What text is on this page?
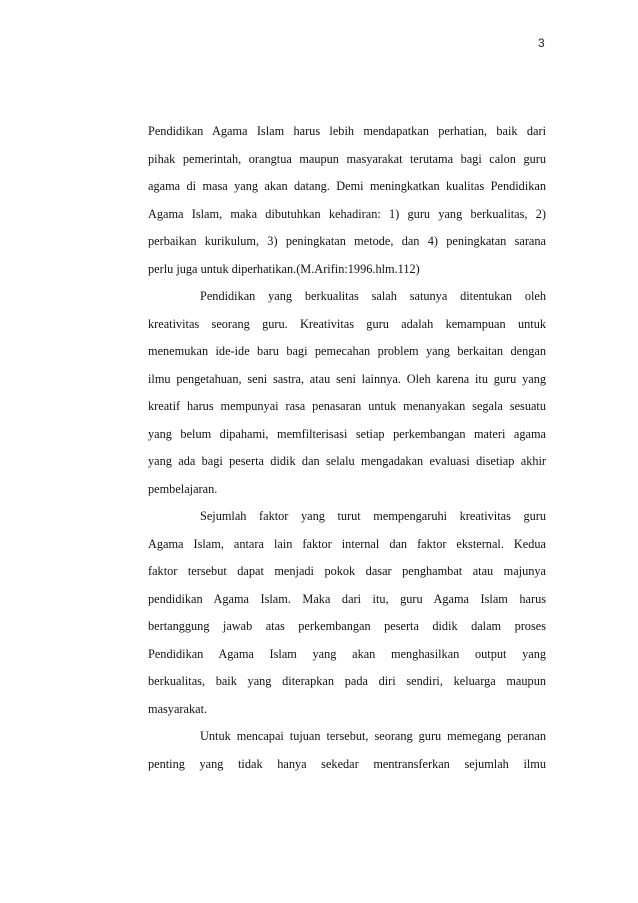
3
Pendidikan Agama Islam harus lebih mendapatkan perhatian, baik dari
pihak pemerintah, orangtua maupun masyarakat terutama bagi calon guru
agama di masa yang akan datang. Demi meningkatkan kualitas Pendidikan
Agama Islam, maka dibutuhkan kehadiran: 1) guru yang berkualitas, 2)
perbaikan kurikulum, 3) peningkatan metode, dan 4) peningkatan sarana
perlu juga untuk diperhatikan.(M.Arifin:1996.hlm.112)
Pendidikan yang berkualitas salah satunya ditentukan oleh
kreativitas seorang guru. Kreativitas guru adalah kemampuan untuk
menemukan ide-ide baru bagi pemecahan problem yang berkaitan dengan
ilmu pengetahuan, seni sastra, atau seni lainnya. Oleh karena itu guru yang
kreatif harus mempunyai rasa penasaran untuk menanyakan segala sesuatu
yang belum dipahami, memfilterisasi setiap perkembangan materi agama
yang ada bagi peserta didik dan selalu mengadakan evaluasi disetiap akhir
pembelajaran.
Sejumlah faktor yang turut mempengaruhi kreativitas guru
Agama Islam, antara lain faktor internal dan faktor eksternal. Kedua
faktor tersebut dapat menjadi pokok dasar penghambat atau majunya
pendidikan Agama Islam. Maka dari itu, guru Agama Islam harus
bertanggung jawab atas perkembangan peserta didik dalam proses
Pendidikan Agama Islam yang akan menghasilkan output yang
berkualitas, baik yang diterapkan pada diri sendiri, keluarga maupun
masyarakat.
Untuk mencapai tujuan tersebut, seorang guru memegang peranan
penting yang tidak hanya sekedar mentransferkan sejumlah ilmu
